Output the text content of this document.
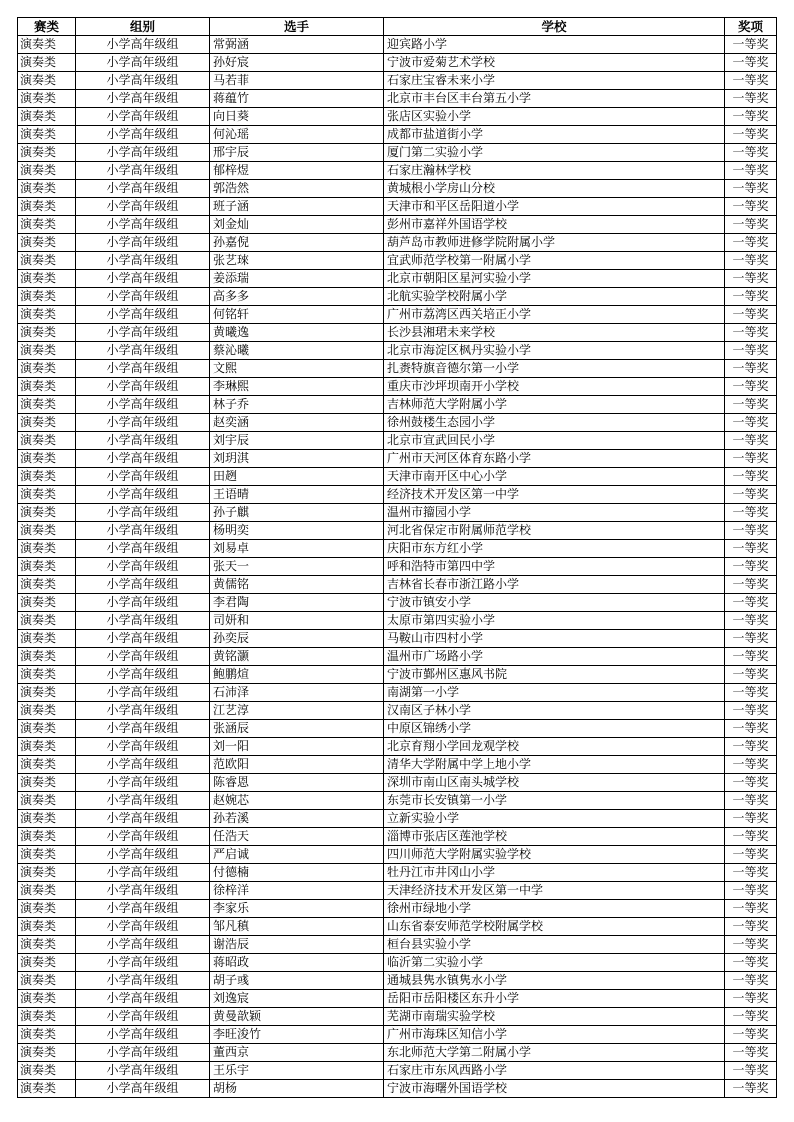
赛类	组别	选手	学校	奖项
演奏类	小学高年级组	常弼涵	迎宾路小学	一等奖
演奏类	小学高年级组	孙好宸	宁波市爱菊艺术学校	一等奖
演奏类	小学高年级组	马若菲	石家庄宝睿未来小学	一等奖
演奏类	小学高年级组	蒋蕴竹	北京市丰台区丰台第五小学	一等奖
演奏类	小学高年级组	向日葵	张店区实验小学	一等奖
演奏类	小学高年级组	何沁瑶	成都市盐道街小学	一等奖
演奏类	小学高年级组	邢宇辰	厦门第二实验小学	一等奖
演奏类	小学高年级组	郁梓煜	石家庄瀚林学校	一等奖
演奏类	小学高年级组	郭浩然	黄城根小学房山分校	一等奖
演奏类	小学高年级组	班子涵	天津市和平区岳阳道小学	一等奖
演奏类	小学高年级组	刘金灿	彭州市嘉祥外国语学校	一等奖
演奏类	小学高年级组	孙嘉倪	葫芦岛市教师进修学院附属小学	一等奖
演奏类	小学高年级组	张艺琜	宜武师范学校第一附属小学	一等奖
演奏类	小学高年级组	姜添瑞	北京市朝阳区星河实验小学	一等奖
演奏类	小学高年级组	高多多	北航实验学校附属小学	一等奖
演奏类	小学高年级组	何铭轩	广州市荔湾区西关培正小学	一等奖
演奏类	小学高年级组	黄曦逸	长沙县湘珺未来学校	一等奖
演奏类	小学高年级组	蔡沁曦	北京市海淀区枫丹实验小学	一等奖
演奏类	小学高年级组	文熙	扎赉特旗音德尔第一小学	一等奖
演奏类	小学高年级组	李琳熙	重庆市沙坪坝南开小学校	一等奖
演奏类	小学高年级组	林子乔	吉林师范大学附属小学	一等奖
演奏类	小学高年级组	赵奕涵	徐州鼓楼生态园小学	一等奖
演奏类	小学高年级组	刘宇辰	北京市宣武回民小学	一等奖
演奏类	小学高年级组	刘玥淇	广州市天河区体育东路小学	一等奖
演奏类	小学高年级组	田趔	天津市南开区中心小学	一等奖
演奏类	小学高年级组	王语晴	经济技术开发区第一中学	一等奖
演奏类	小学高年级组	孙子麒	温州市籀园小学	一等奖
演奏类	小学高年级组	杨明奕	河北省保定市附属师范学校	一等奖
演奏类	小学高年级组	刘易卓	庆阳市东方红小学	一等奖
演奏类	小学高年级组	张天一	呼和浩特市第四中学	一等奖
演奏类	小学高年级组	黄儒铭	吉林省长春市浙江路小学	一等奖
演奏类	小学高年级组	李君陶	宁波市镇安小学	一等奖
演奏类	小学高年级组	司妍和	太原市第四实验小学	一等奖
演奏类	小学高年级组	孙奕辰	马鞍山市四村小学	一等奖
演奏类	小学高年级组	黄铭灏	温州市广场路小学	一等奖
演奏类	小学高年级组	鲍鹏煊	宁波市鄞州区惠风书院	一等奖
演奏类	小学高年级组	石沛泽	南湖第一小学	一等奖
演奏类	小学高年级组	江艺淳	汉南区子林小学	一等奖
演奏类	小学高年级组	张涵辰	中原区锦绣小学	一等奖
演奏类	小学高年级组	刘一阳	北京育翔小学回龙观学校	一等奖
演奏类	小学高年级组	范欧阳	清华大学附属中学上地小学	一等奖
演奏类	小学高年级组	陈睿恩	深圳市南山区南头城学校	一等奖
演奏类	小学高年级组	赵婉芯	东莞市长安镇第一小学	一等奖
演奏类	小学高年级组	孙若溪	立新实验小学	一等奖
演奏类	小学高年级组	任浩天	淄博市张店区莲池学校	一等奖
演奏类	小学高年级组	严启诚	四川师范大学附属实验学校	一等奖
演奏类	小学高年级组	付德楠	牡丹江市井冈山小学	一等奖
演奏类	小学高年级组	徐梓洋	天津经济技术开发区第一中学	一等奖
演奏类	小学高年级组	李家乐	徐州市绿地小学	一等奖
演奏类	小学高年级组	邹凡稹	山东省泰安师范学校附属学校	一等奖
演奏类	小学高年级组	谢浩辰	桓台县实验小学	一等奖
演奏类	小学高年级组	蒋昭政	临沂第二实验小学	一等奖
演奏类	小学高年级组	胡子彧	通城县隽水镇隽水小学	一等奖
演奏类	小学高年级组	刘逸宸	岳阳市岳阳楼区东升小学	一等奖
演奏类	小学高年级组	黄曼歆颖	芜湖市南瑞实验学校	一等奖
演奏类	小学高年级组	李旺浚竹	广州市海珠区知信小学	一等奖
演奏类	小学高年级组	董西京	东北师范大学第二附属小学	一等奖
演奏类	小学高年级组	王乐宇	石家庄市东风西路小学	一等奖
演奏类	小学高年级组	胡杨	宁波市海曙外国语学校	一等奖
